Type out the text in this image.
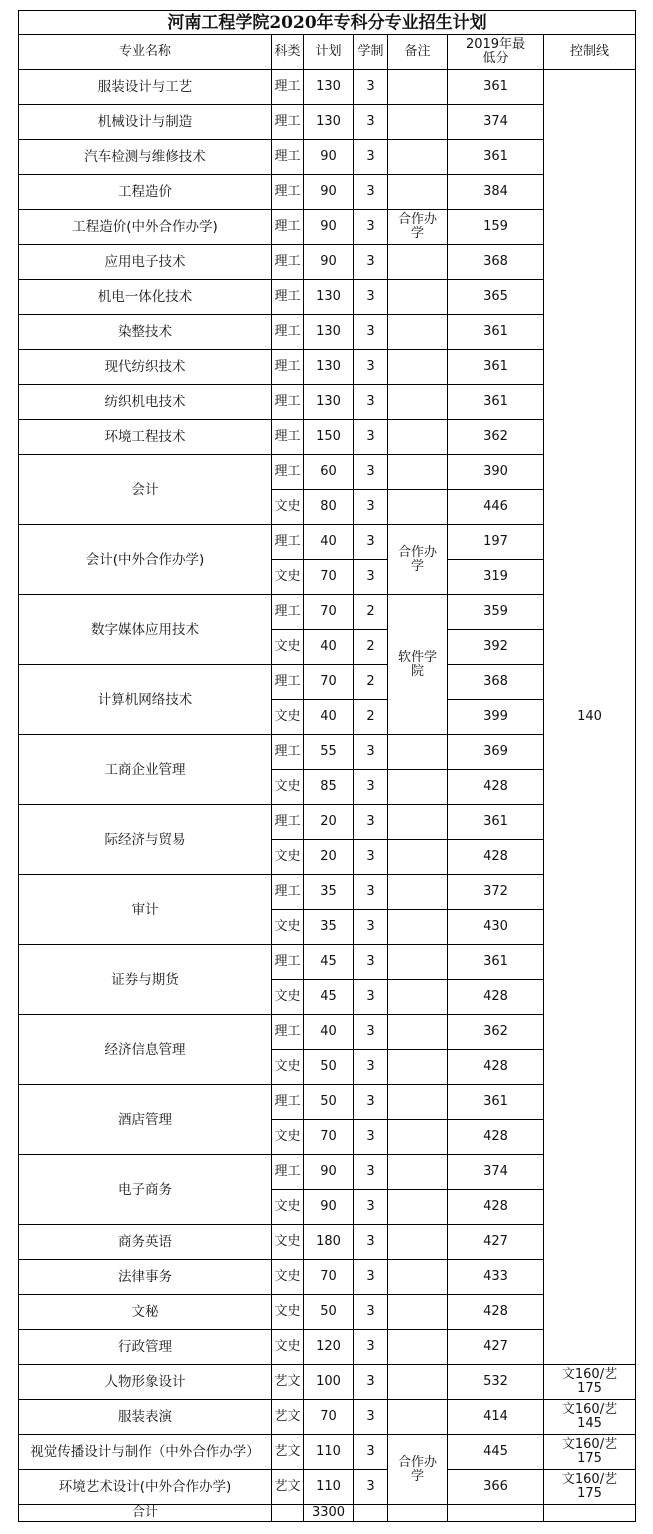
河南工程学院2020年专科分专业招生计划						
专业名称	科类	计划	学制	备注	2019年最低分	控制线
服装设计与工艺	理工	130	3		361	140
机械设计与制造	理工	130	3		374	
汽车检测与维修技术	理工	90	3		361	
工程造价	理工	90	3		384	
工程造价(中外合作办学)	理工	90	3	合作办学	159	
应用电子技术	理工	90	3		368	
机电一体化技术	理工	130	3		365	
染整技术	理工	130	3		361	
现代纺织技术	理工	130	3		361	
纺织机电技术	理工	130	3		361	
环境工程技术	理工	150	3		362	
会计	理工	60	3		390	
	文史	80	3		446	
会计(中外合作办学)	理工	40	3	合作办学	197	
	文史	70	3		319	
数字媒体应用技术	理工	70	2	软件学院	359	
	文史	40	2		392	
计算机网络技术	理工	70	2		368	
	文史	40	2		399	
工商企业管理	理工	55	3		369	
	文史	85	3		428	
际经济与贸易	理工	20	3		361	
	文史	20	3		428	
审计	理工	35	3		372	
	文史	35	3		430	
证券与期货	理工	45	3		361	
	文史	45	3		428	
经济信息管理	理工	40	3		362	
	文史	50	3		428	
酒店管理	理工	50	3		361	
	文史	70	3		428	
电子商务	理工	90	3		374	
	文史	90	3		428	
商务英语	文史	180	3		427	
法律事务	文史	70	3		433	
文秘	文史	50	3		428	
行政管理	文史	120	3		427	
人物形象设计	艺文	100	3		532	文160/艺175
服装表演	艺文	70	3		414	文160/艺145
视觉传播设计与制作（中外合作办学）	艺文	110	3	合作办学	445	文160/艺175
环境艺术设计(中外合作办学)	艺文	110	3		366	文160/艺175
合计		3300				
